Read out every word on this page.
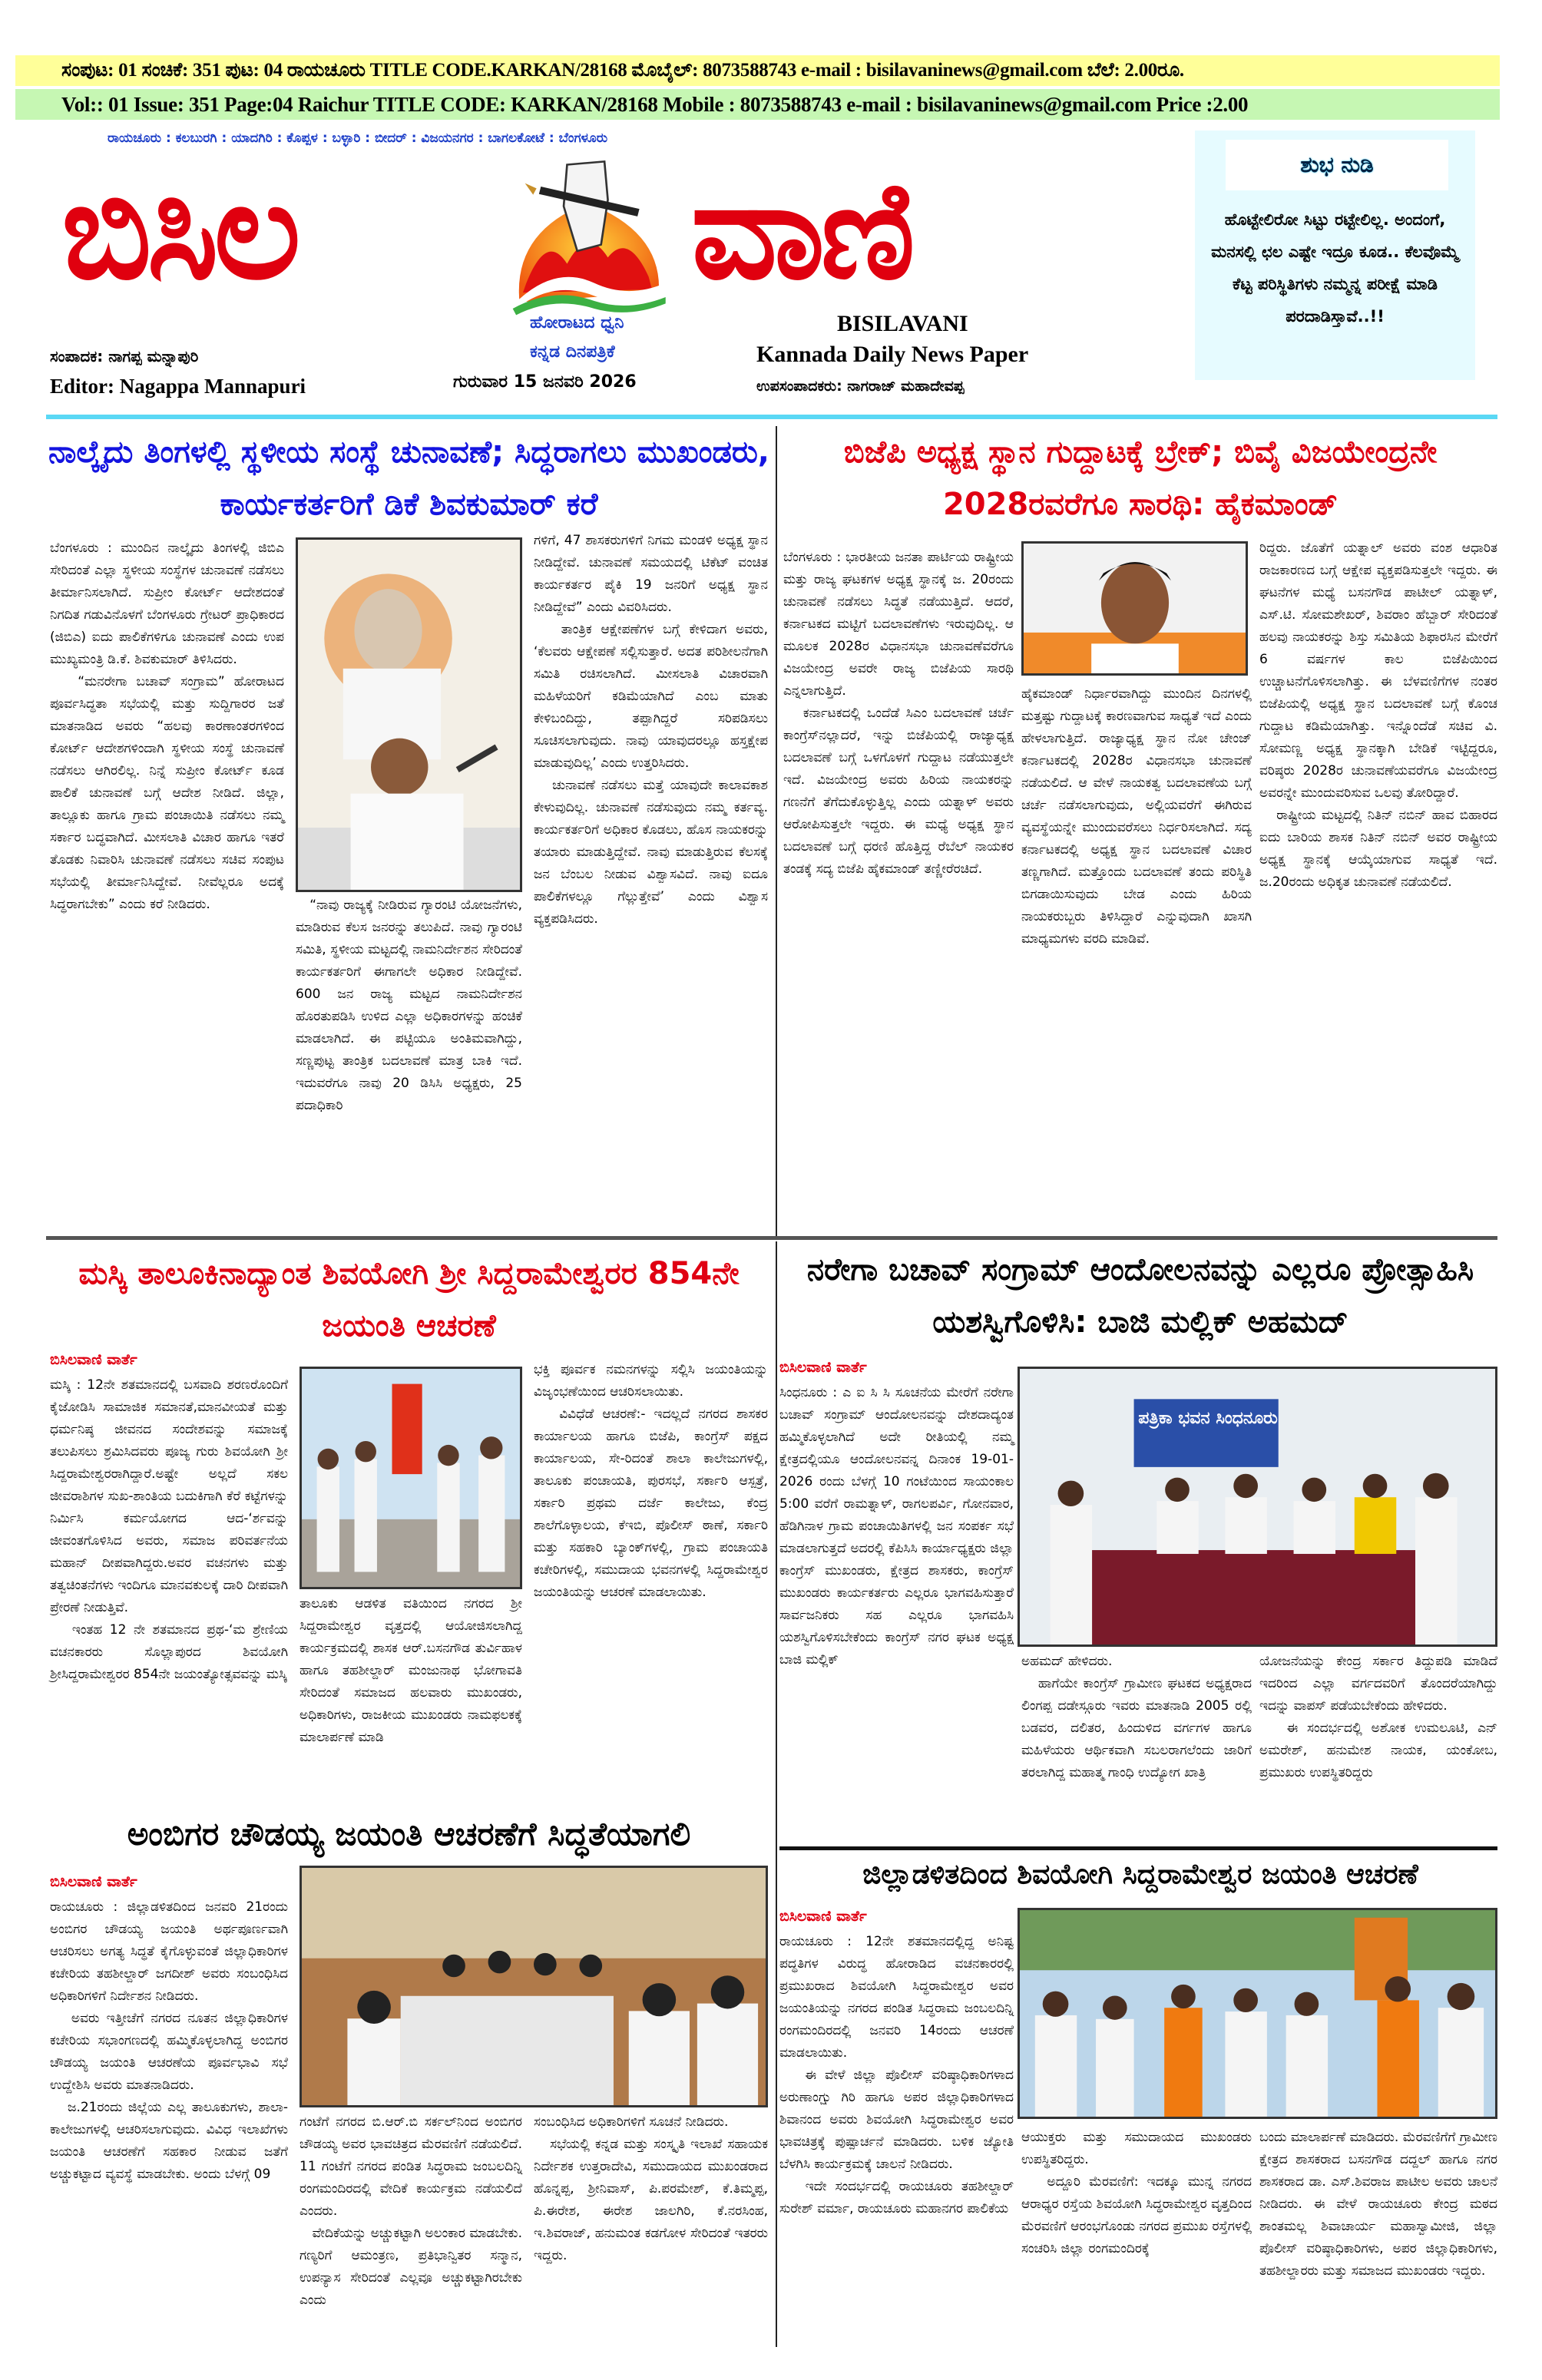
ಸಂಪುಟ: 01 ಸಂಚಿಕೆ: 351 ಪುಟ: 04 ರಾಯಚೂರು TITLE CODE.KARKAN/28168 ಮೊಬೈಲ್: 8073588743 e-mail : bisilavaninews@gmail.com ಬೆಲೆ: 2.00ರೂ.
Vol:: 01 Issue: 351 Page:04 Raichur TITLE CODE: KARKAN/28168 Mobile : 8073588743 e-mail : bisilavaninews@gmail.com Price :2.00
ರಾಯಚೂರು : ಕಲಬುರಗಿ : ಯಾದಗಿರಿ : ಕೊಪ್ಪಳ : ಬಳ್ಳಾರಿ : ಬೀದರ್ : ವಿಜಯನಗರ : ಬಾಗಲಕೋಟೆ : ಬೆಂಗಳೂರು
ಬಿಸಿಲ	ವಾಣಿ
ಹೋರಾಟದ ಧ್ವನಿ
ಕನ್ನಡ ದಿನಪತ್ರಿಕೆ
ಗುರುವಾರ 15 ಜನವರಿ 2026
BISILAVANI
Kannada Daily News Paper
ಉಪಸಂಪಾದಕರು: ನಾಗರಾಜ್ ಮಹಾದೇವಪ್ಪ
ಸಂಪಾದಕ: ನಾಗಪ್ಪ ಮನ್ನಾಪುರಿ
Editor: Nagappa Mannapuri
ಶುಭ ನುಡಿ
ಹೊಟ್ಟೇಲಿರೋ ಸಿಟ್ಟು ರಟ್ಟೇಲಿಲ್ಲ. ಅಂದಂಗೆ, ಮನಸಲ್ಲಿ ಛಲ ಎಷ್ಟೇ ಇದ್ರೂ ಕೂಡ.. ಕೆಲವೊಮ್ಮೆ ಕೆಟ್ಟ ಪರಿಸ್ಥಿತಿಗಳು ನಮ್ಮನ್ನ ಪರೀಕ್ಷೆ ಮಾಡಿ ಪರದಾಡಿಸ್ತಾವೆ..!!
ನಾಲ್ಕೈದು ತಿಂಗಳಲ್ಲಿ ಸ್ಥಳೀಯ ಸಂಸ್ಥೆ ಚುನಾವಣೆ; ಸಿದ್ಧರಾಗಲು ಮುಖಂಡರು, ಕಾರ್ಯಕರ್ತರಿಗೆ ಡಿಕೆ ಶಿವಕುಮಾರ್ ಕರೆ
ಬೆಂಗಳೂರು : ಮುಂದಿನ ನಾಲ್ಕೈದು ತಿಂಗಳಲ್ಲಿ ಜಿಬಿಎ ಸೇರಿದಂತೆ ಎಲ್ಲಾ ಸ್ಥಳೀಯ ಸಂಸ್ಥೆಗಳ ಚುನಾವಣೆ ನಡೆಸಲು ತೀರ್ಮಾನಿಸಲಾಗಿದೆ. ಸುಪ್ರೀಂ ಕೋರ್ಟ್ ಆದೇಶದಂತೆ ನಿಗದಿತ ಗಡುವಿನೊಳಗೆ ಬೆಂಗಳೂರು ಗ್ರೇಟರ್ ಪ್ರಾಧಿಕಾರದ (ಜಿಬಿಎ) ಐದು ಪಾಲಿಕೆಗಳಿಗೂ ಚುನಾವಣೆ ಎಂದು ಉಪ ಮುಖ್ಯಮಂತ್ರಿ ಡಿ.ಕೆ. ಶಿವಕುಮಾರ್ ತಿಳಿಸಿದರು.
“ಮನರೇಗಾ ಬಚಾವ್ ಸಂಗ್ರಾಮ” ಹೋರಾಟದ ಪೂರ್ವಸಿದ್ಧತಾ ಸಭೆಯಲ್ಲಿ ಮತ್ತು ಸುದ್ದಿಗಾರರ ಜತೆ ಮಾತನಾಡಿದ ಅವರು “ಹಲವು ಕಾರಣಾಂತರಗಳಿಂದ ಕೋರ್ಟ್ ಆದೇಶಗಳಿಂದಾಗಿ ಸ್ಥಳೀಯ ಸಂಸ್ಥೆ ಚುನಾವಣೆ ನಡೆಸಲು ಆಗಿರಲಿಲ್ಲ. ನಿನ್ನೆ ಸುಪ್ರೀಂ ಕೋರ್ಟ್ ಕೂಡ ಪಾಲಿಕೆ ಚುನಾವಣೆ ಬಗ್ಗೆ ಆದೇಶ ನೀಡಿದೆ. ಜಿಲ್ಲಾ, ತಾಲ್ಲೂಕು ಹಾಗೂ ಗ್ರಾಮ ಪಂಚಾಯಿತಿ ನಡೆಸಲು ನಮ್ಮ ಸರ್ಕಾರ ಬದ್ಧವಾಗಿದೆ. ಮೀಸಲಾತಿ ವಿಚಾರ ಹಾಗೂ ಇತರೆ ತೊಡಕು ನಿವಾರಿಸಿ ಚುನಾವಣೆ ನಡೆಸಲು ಸಚಿವ ಸಂಪುಟ ಸಭೆಯಲ್ಲಿ ತೀರ್ಮಾನಿಸಿದ್ದೇವೆ. ನೀವೆಲ್ಲರೂ ಅದಕ್ಕೆ ಸಿದ್ಧರಾಗಬೇಕು” ಎಂದು ಕರೆ ನೀಡಿದರು.	“ನಾವು ರಾಜ್ಯಕ್ಕೆ ನೀಡಿರುವ ಗ್ಯಾರಂಟಿ ಯೋಜನೆಗಳು, ಮಾಡಿರುವ ಕೆಲಸ ಜನರನ್ನು ತಲುಪಿದೆ. ನಾವು ಗ್ಯಾರಂಟಿ ಸಮಿತಿ, ಸ್ಥಳೀಯ ಮಟ್ಟದಲ್ಲಿ ನಾಮನಿರ್ದೇಶನ ಸೇರಿದಂತೆ ಕಾರ್ಯಕರ್ತರಿಗೆ ಈಗಾಗಲೇ ಅಧಿಕಾರ ನೀಡಿದ್ದೇವೆ. 600 ಜನ ರಾಜ್ಯ ಮಟ್ಟದ ನಾಮನಿರ್ದೇಶನ ಹೊರತುಪಡಿಸಿ ಉಳಿದ ಎಲ್ಲಾ ಅಧಿಕಾರಗಳನ್ನು ಹಂಚಿಕೆ ಮಾಡಲಾಗಿದೆ. ಈ ಪಟ್ಟಿಯೂ ಅಂತಿಮವಾಗಿದ್ದು, ಸಣ್ಣಪುಟ್ಟ ತಾಂತ್ರಿಕ ಬದಲಾವಣೆ ಮಾತ್ರ ಬಾಕಿ ಇದೆ. ಇದುವರೆಗೂ ನಾವು 20 ಡಿಸಿಸಿ ಅಧ್ಯಕ್ಷರು, 25 ಪದಾಧಿಕಾರಿ
ಗಳಿಗೆ, 47 ಶಾಸಕರುಗಳಿಗೆ ನಿಗಮ ಮಂಡಳಿ ಅಧ್ಯಕ್ಷ ಸ್ಥಾನ ನೀಡಿದ್ದೇವೆ. ಚುನಾವಣೆ ಸಮಯದಲ್ಲಿ ಟಿಕೆಟ್ ವಂಚಿತ ಕಾರ್ಯಕರ್ತರ ಪೈಕಿ 19 ಜನರಿಗೆ ಅಧ್ಯಕ್ಷ ಸ್ಥಾನ ನೀಡಿದ್ದೇವೆ” ಎಂದು ವಿವರಿಸಿದರು.
ತಾಂತ್ರಿಕ ಆಕ್ಷೇಪಣೆಗಳ ಬಗ್ಗೆ ಕೇಳಿದಾಗ ಅವರು, ‘ಕೆಲವರು ಆಕ್ಷೇಪಣೆ ಸಲ್ಲಿಸುತ್ತಾರೆ. ಅದತ ಪರಿಶೀಲನೆಗಾಗಿ ಸಮಿತಿ ರಚಿಸಲಾಗಿದೆ. ಮೀಸಲಾತಿ ವಿಚಾರವಾಗಿ ಮಹಿಳೆಯರಿಗೆ ಕಡಿಮೆಯಾಗಿದೆ ಎಂಬ ಮಾತು ಕೇಳಿಬಂದಿದ್ದು, ತಪ್ಪಾಗಿದ್ದರೆ ಸರಿಪಡಿಸಲು ಸೂಚಿಸಲಾಗುವುದು. ನಾವು ಯಾವುದರಲ್ಲೂ ಹಸ್ತಕ್ಷೇಪ ಮಾಡುವುದಿಲ್ಲ’ ಎಂದು ಉತ್ತರಿಸಿದರು.
ಚುನಾವಣೆ ನಡೆಸಲು ಮತ್ತೆ ಯಾವುದೇ ಕಾಲಾವಕಾಶ ಕೇಳುವುದಿಲ್ಲ. ಚುನಾವಣೆ ನಡೆಸುವುದು ನಮ್ಮ ಕರ್ತವ್ಯ. ಕಾರ್ಯಕರ್ತರಿಗೆ ಅಧಿಕಾರ ಕೊಡಲು, ಹೊಸ ನಾಯಕರನ್ನು ತಯಾರು ಮಾಡುತ್ತಿದ್ದೇವೆ. ನಾವು ಮಾಡುತ್ತಿರುವ ಕೆಲಸಕ್ಕೆ ಜನ ಬೆಂಬಲ ನೀಡುವ ವಿಶ್ವಾಸವಿದೆ. ನಾವು ಐದೂ ಪಾಲಿಕೆಗಳಲ್ಲೂ ಗೆಲ್ಲುತ್ತೇವೆ’ ಎಂದು ವಿಶ್ವಾಸ ವ್ಯಕ್ತಪಡಿಸಿದರು.
ಬಿಜೆಪಿ ಅಧ್ಯಕ್ಷ ಸ್ಥಾನ ಗುದ್ದಾಟಕ್ಕೆ ಬ್ರೇಕ್; ಬಿವೈ ವಿಜಯೇಂದ್ರನೇ 2028ರವರೆಗೂ ಸಾರಥಿ: ಹೈಕಮಾಂಡ್
ಬೆಂಗಳೂರು : ಭಾರತೀಯ ಜನತಾ ಪಾರ್ಟಿಯ ರಾಷ್ಟ್ರೀಯ ಮತ್ತು ರಾಜ್ಯ ಘಟಕಗಳ ಅಧ್ಯಕ್ಷ ಸ್ಥಾನಕ್ಕೆ ಜ. 20ರಂದು ಚುನಾವಣೆ ನಡೆಸಲು ಸಿದ್ಧತೆ ನಡೆಯುತ್ತಿದೆ. ಆದರೆ, ಕರ್ನಾಟಕದ ಮಟ್ಟಿಗೆ ಬದಲಾವಣೆಗಳು ಇರುವುದಿಲ್ಲ. ಆ ಮೂಲಕ 2028ರ ವಿಧಾನಸಭಾ ಚುನಾವಣೆವರೆಗೂ ವಿಜಯೇಂದ್ರ ಅವರೇ ರಾಜ್ಯ ಬಿಜೆಪಿಯ ಸಾರಥಿ ಎನ್ನಲಾಗುತ್ತಿದೆ.
ಕರ್ನಾಟಕದಲ್ಲಿ ಒಂದೆಡೆ ಸಿಎಂ ಬದಲಾವಣೆ ಚರ್ಚೆ ಕಾಂಗ್ರೆಸ್‌ನಲ್ಲಾದರೆ, ಇನ್ನು ಬಿಜೆಪಿಯಲ್ಲಿ ರಾಜ್ಯಾಧ್ಯಕ್ಷ ಬದಲಾವಣೆ ಬಗ್ಗೆ ಒಳಗೊಳಗೆ ಗುದ್ದಾಟ ನಡೆಯುತ್ತಲೇ ಇದೆ. ವಿಜಯೇಂದ್ರ ಅವರು ಹಿರಿಯ ನಾಯಕರನ್ನು ಗಣನೆಗೆ ತೆಗೆದುಕೊಳ್ಳುತ್ತಿಲ್ಲ ಎಂದು ಯತ್ನಾಳ್ ಅವರು ಆರೋಪಿಸುತ್ತಲೇ ಇದ್ದರು. ಈ ಮಧ್ಯೆ ಅಧ್ಯಕ್ಷ ಸ್ಥಾನ ಬದಲಾವಣೆ ಬಗ್ಗೆ ಧರಣಿ ಹೊತ್ತಿದ್ದ ರೆಬೆಲ್ ನಾಯಕರ ತಂಡಕ್ಕೆ ಸದ್ಯ ಬಿಜೆಪಿ ಹೈಕಮಾಂಡ್ ತಣ್ಣೀರೆರಚಿದೆ.
ಹೈಕಮಾಂಡ್ ನಿರ್ಧಾರವಾಗಿದ್ದು ಮುಂದಿನ ದಿನಗಳಲ್ಲಿ ಮತ್ತಷ್ಟು ಗುದ್ದಾಟಕ್ಕೆ ಕಾರಣವಾಗುವ ಸಾಧ್ಯತೆ ಇದೆ ಎಂದು ಹೇಳಲಾಗುತ್ತಿದೆ. ರಾಜ್ಯಾಧ್ಯಕ್ಷ ಸ್ಥಾನ ನೋ ಚೇಂಜ್ ಕರ್ನಾಟಕದಲ್ಲಿ 2028ರ ವಿಧಾನಸಭಾ ಚುನಾವಣೆ ನಡೆಯಲಿದೆ. ಆ ವೇಳೆ ನಾಯಕತ್ವ ಬದಲಾವಣೆಯ ಬಗ್ಗೆ ಚರ್ಚೆ ನಡೆಸಲಾಗುವುದು, ಅಲ್ಲಿಯವರೆಗೆ ಈಗಿರುವ ವ್ಯವಸ್ಥೆಯನ್ನೇ ಮುಂದುವರೆಸಲು ನಿರ್ಧರಿಸಲಾಗಿದೆ. ಸದ್ಯ ಕರ್ನಾಟಕದಲ್ಲಿ ಅಧ್ಯಕ್ಷ ಸ್ಥಾನ ಬದಲಾವಣೆ ವಿಚಾರ ತಣ್ಣಗಾಗಿದೆ. ಮತ್ತೊಂದು ಬದಲಾವಣೆ ತಂದು ಪರಿಸ್ಥಿತಿ ಬಿಗಡಾಯಿಸುವುದು ಬೇಡ ಎಂದು ಹಿರಿಯ ನಾಯಕರುಬ್ಬರು ತಿಳಿಸಿದ್ದಾರೆ ಎನ್ನುವುದಾಗಿ ಖಾಸಗಿ ಮಾಧ್ಯಮಗಳು ವರದಿ ಮಾಡಿವೆ.
ರಿದ್ದರು. ಜೊತೆಗೆ ಯತ್ನಾಲ್ ಅವರು ವಂಶ ಆಧಾರಿತ ರಾಜಕಾರಣದ ಬಗ್ಗೆ ಆಕ್ಷೇಪ ವ್ಯಕ್ತಪಡಿಸುತ್ತಲೇ ಇದ್ದರು. ಈ ಘಟನೆಗಳ ಮಧ್ಯೆ ಬಸನಗೌಡ ಪಾಟೀಲ್ ಯತ್ನಾಳ್, ಎಸ್.ಟಿ. ಸೋಮಶೇಖರ್, ಶಿವರಾಂ ಹೆಬ್ಬಾರ್ ಸೇರಿದಂತೆ ಹಲವು ನಾಯಕರನ್ನು ಶಿಸ್ತು ಸಮಿತಿಯ ಶಿಫಾರಸಿನ ಮೇರೆಗೆ 6 ವರ್ಷಗಳ ಕಾಲ ಬಿಜೆಪಿಯಿಂದ ಉಚ್ಚಾಟನೆಗೊಳಿಸಲಾಗಿತ್ತು. ಈ ಬೆಳವಣಿಗೆಗಳ ನಂತರ ಬಿಜೆಪಿಯಲ್ಲಿ ಅಧ್ಯಕ್ಷ ಸ್ಥಾನ ಬದಲಾವಣೆ ಬಗ್ಗೆ ಕೊಂಚ ಗುದ್ದಾಟ ಕಡಿಮೆಯಾಗಿತ್ತು. ಇನ್ನೊಂದೆಡೆ ಸಚಿವ ವಿ. ಸೋಮಣ್ಣ ಅಧ್ಯಕ್ಷ ಸ್ಥಾನಕ್ಕಾಗಿ ಬೇಡಿಕೆ ಇಟ್ಟಿದ್ದರೂ, ವರಿಷ್ಠರು 2028ರ ಚುನಾವಣೆಯವರೆಗೂ ವಿಜಯೇಂದ್ರ ಅವರನ್ನೇ ಮುಂದುವರಿಸುವ ಒಲವು ತೋರಿದ್ದಾರೆ.
ರಾಷ್ಟ್ರೀಯ ಮಟ್ಟದಲ್ಲಿ ನಿತಿನ್ ನಬಿನ್ ಹಾವ ಬಿಹಾರದ ಐದು ಬಾರಿಯ ಶಾಸಕ ನಿತಿನ್ ನಬಿನ್ ಅವರ ರಾಷ್ಟ್ರೀಯ ಅಧ್ಯಕ್ಷ ಸ್ಥಾನಕ್ಕೆ ಆಯ್ಕೆಯಾಗುವ ಸಾಧ್ಯತೆ ಇದೆ. ಜ.20ರಂದು ಅಧಿಕೃತ ಚುನಾವಣೆ ನಡೆಯಲಿದೆ.
ಮಸ್ಕಿ ತಾಲೂಕಿನಾದ್ಯಾಂತ ಶಿವಯೋಗಿ ಶ್ರೀ ಸಿದ್ದರಾಮೇಶ್ವರರ 854ನೇ ಜಯಂತಿ ಆಚರಣೆ
ಬಿಸಿಲವಾಣಿ ವಾರ್ತೆ
ಮಸ್ಕಿ : 12ನೇ ಶತಮಾನದಲ್ಲಿ ಬಸವಾದಿ ಶರಣರೊಂದಿಗೆ ಕೈಜೋಡಿಸಿ ಸಾಮಾಜಿಕ ಸಮಾನತೆ,ಮಾನವೀಯತೆ ಮತ್ತು ಧರ್ಮನಿಷ್ಠ ಜೀವನದ ಸಂದೇಶವನ್ನು ಸಮಾಜಕ್ಕೆ ತಲುಪಿಸಲು ಶ್ರಮಿಸಿದವರು ಪೂಜ್ಯ ಗುರು ಶಿವಯೋಗಿ ಶ್ರೀ ಸಿದ್ದರಾಮೇಶ್ವರರಾಗಿದ್ದಾರೆ.ಅಷ್ಟೇ ಅಲ್ಲದೆ ಸಕಲ ಜೀವರಾಶಿಗಳ ಸುಖ-ಶಾಂತಿಯ ಬದುಕಿಗಾಗಿ ಕೆರೆ ಕಟ್ಟೆಗಳನ್ನು ನಿರ್ಮಿಸಿ ಕರ್ಮಯೋಗದ ಆದ-‘ರ್ಶವನ್ನು ಜೀವಂತಗೊಳಿಸಿದ ಅವರು, ಸಮಾಜ ಪರಿವರ್ತನೆಯ ಮಹಾನ್ ದೀಪವಾಗಿದ್ದರು.ಅವರ ವಚನಗಳು ಮತ್ತು ತತ್ವಚಿಂತನೆಗಳು ಇಂದಿಗೂ ಮಾನವಕುಲಕ್ಕೆ ದಾರಿ ದೀಪವಾಗಿ ಪ್ರೇರಣೆ ನೀಡುತ್ತಿವೆ.
ಇಂತಹ 12 ನೇ ಶತಮಾನದ ಪ್ರಥ-‘ಮ ಶ್ರೇಣಿಯ ವಚನಕಾರರು ಸೊಲ್ಲಾಪುರದ ಶಿವಯೋಗಿ ಶ್ರೀಸಿದ್ದರಾಮೇಶ್ವರರ 854ನೇ ಜಯಂತ್ಯೋತ್ಸವವನ್ನು ಮಸ್ಕಿ
ತಾಲೂಕು ಆಡಳಿತ ವತಿಯಿಂದ ನಗರದ ಶ್ರೀ ಸಿದ್ದರಾಮೇಶ್ವರ ವೃತ್ತದಲ್ಲಿ ಆಯೋಜಿಸಲಾಗಿದ್ದ ಕಾರ್ಯಕ್ರಮದಲ್ಲಿ ಶಾಸಕ ಆರ್.ಬಸನಗೌಡ ತುರ್ವಿಹಾಳ ಹಾಗೂ ತಹಶೀಲ್ದಾರ್ ಮಂಜುನಾಥ ಭೋಗಾವತಿ ಸೇರಿದಂತೆ ಸಮಾಜದ ಹಲವಾರು ಮುಖಂಡರು, ಅಧಿಕಾರಿಗಳು, ರಾಜಕೀಯ ಮುಖಂಡರು ನಾಮಫಲಕಕ್ಕೆ ಮಾಲಾರ್ಪಣೆ ಮಾಡಿ
ಭಕ್ತಿ ಪೂರ್ವಕ ನಮನಗಳನ್ನು ಸಲ್ಲಿಸಿ ಜಯಂತಿಯನ್ನು ವಿಜೃಂಭಣೆಯಿಂದ ಆಚರಿಸಲಾಯಿತು.
ವಿವಿಧೆಡೆ ಆಚರಣೆ:- ಇದಲ್ಲದೆ ನಗರದ ಶಾಸಕರ ಕಾರ್ಯಾಲಯ ಹಾಗೂ ಬಿಜೆಪಿ, ಕಾಂಗ್ರೆಸ್ ಪಕ್ಷದ ಕಾರ್ಯಾಲಯ, ಸೇ-ರಿದಂತೆ ಶಾಲಾ ಕಾಲೇಜುಗಳಲ್ಲಿ, ತಾಲೂಕು ಪಂಚಾಯತಿ, ಪುರಸಭೆ, ಸರ್ಕಾರಿ ಆಸ್ಪತ್ರೆ, ಸರ್ಕಾರಿ ಪ್ರಥಮ ದರ್ಜೆ ಕಾಲೇಜು, ಕೆಂದ್ರ ಶಾಲೆಗೊಳ್ಳಾಲಯ, ಕೆಇಬಿ, ಪೊಲೀಸ್ ಠಾಣೆ, ಸರ್ಕಾರಿ ಮತ್ತು ಸಹಕಾರಿ ಬ್ಯಾಂಕ್‌ಗಳಲ್ಲಿ, ಗ್ರಾಮ ಪಂಚಾಯತಿ ಕಚೇರಿಗಳಲ್ಲಿ, ಸಮುದಾಯ ಭವನಗಳಲ್ಲಿ ಸಿದ್ದರಾಮೇಶ್ವರ ಜಯಂತಿಯನ್ನು ಆಚರಣೆ ಮಾಡಲಾಯಿತು.
ನರೇಗಾ ಬಚಾವ್ ಸಂಗ್ರಾಮ್ ಆಂದೋಲನವನ್ನು ಎಲ್ಲರೂ ಪ್ರೋತ್ಸಾಹಿಸಿ ಯಶಸ್ವಿಗೊಳಿಸಿ: ಬಾಜಿ ಮಲ್ಲಿಕ್ ಅಹಮದ್
ಬಿಸಿಲವಾಣಿ ವಾರ್ತೆ
ಸಿಂಧನೂರು : ಎ ಐ ಸಿ ಸಿ ಸೂಚನೆಯ ಮೇರೆಗೆ ನರೇಗಾ ಬಚಾವ್ ಸಂಗ್ರಾಮ್ ಆಂದೋಲನವನ್ನು ದೇಶದಾದ್ಯಂತ ಹಮ್ಮಿಕೊಳ್ಳಲಾಗಿದೆ ಅದೇ ರೀತಿಯಲ್ಲಿ ನಮ್ಮ ಕ್ಷೇತ್ರದಲ್ಲಿಯೂ ಆಂದೋಲನವನ್ನ ದಿನಾಂಕ 19-01-2026 ರಂದು ಬೆಳಗ್ಗೆ 10 ಗಂಟೆಯಿಂದ ಸಾಯಂಕಾಲ 5:00 ವರೆಗೆ ರಾಮತ್ನಾಳ್, ರಾಗಲಪರ್ವಿ, ಗೋನವಾರ, ಹೆಡಿಗಿನಾಳ ಗ್ರಾಮ ಪಂಚಾಯಿತಿಗಳಲ್ಲಿ ಜನ ಸಂಪರ್ಕ ಸಭೆ ಮಾಡಲಾಗುತ್ತದೆ ಅದರಲ್ಲಿ ಕೆಪಿಸಿಸಿ ಕಾರ್ಯಾಧ್ಯಕ್ಷರು ಜಿಲ್ಲಾ ಕಾಂಗ್ರೆಸ್ ಮುಖಂಡರು, ಕ್ಷೇತ್ರದ ಶಾಸಕರು, ಕಾಂಗ್ರೆಸ್ ಮುಖಂಡರು ಕಾರ್ಯಕರ್ತರು ಎಲ್ಲರೂ ಭಾಗವಹಿಸುತ್ತಾರೆ ಸಾರ್ವಜನಿಕರು ಸಹ ಎಲ್ಲರೂ ಭಾಗವಹಿಸಿ ಯಶಸ್ವಿಗೊಳಿಸಬೇಕೆಂದು ಕಾಂಗ್ರೆಸ್ ನಗರ ಘಟಕ ಅಧ್ಯಕ್ಷ ಬಾಜಿ ಮಲ್ಲಿಕ್
ಪತ್ರಿಕಾ ಭವನ ಸಿಂಧನೂರು
ಅಹಮದ್ ಹೇಳಿದರು.
ಹಾಗೆಯೇ ಕಾಂಗ್ರೆಸ್ ಗ್ರಾಮೀಣ ಘಟಕದ ಅಧ್ಯಕ್ಷರಾದ ಲಿಂಗಪ್ಪ ದಡೇಸ್ಗೂರು ಇವರು ಮಾತನಾಡಿ 2005 ರಲ್ಲಿ ಬಡವರ, ದಲಿತರ, ಹಿಂದುಳಿದ ವರ್ಗಗಳ ಹಾಗೂ ಮಹಿಳೆಯರು ಆರ್ಥಿಕವಾಗಿ ಸಬಲರಾಗಲೆಂದು ಜಾರಿಗೆ ತರಲಾಗಿದ್ದ ಮಹಾತ್ಮ ಗಾಂಧಿ ಉದ್ಯೋಗ ಖಾತ್ರಿ
ಯೋಜನೆಯನ್ನು ಕೇಂದ್ರ ಸರ್ಕಾರ ತಿದ್ದುಪಡಿ ಮಾಡಿದೆ ಇದರಿಂದ ಎಲ್ಲಾ ವರ್ಗದವರಿಗೆ ತೊಂದರೆಯಾಗಿದ್ದು ಇದನ್ನು ವಾಪಸ್ ಪಡೆಯಬೇಕೆಂದು ಹೇಳಿದರು.
ಈ ಸಂದರ್ಭದಲ್ಲಿ ಅಶೋಕ ಉಮಲೂಟಿ, ಎನ್ ಅಮರೇಶ್, ಹನುಮೇಶ ನಾಯಕ, ಯಂಕೋಬ, ಪ್ರಮುಖರು ಉಪಸ್ಥಿತರಿದ್ದರು
ಅಂಬಿಗರ ಚೌಡಯ್ಯ ಜಯಂತಿ ಆಚರಣೆಗೆ ಸಿದ್ಧತೆಯಾಗಲಿ
ಬಿಸಿಲವಾಣಿ ವಾರ್ತೆ
ರಾಯಚೂರು : ಜಿಲ್ಲಾಡಳಿತದಿಂದ ಜನವರಿ 21ರಂದು ಅಂಬಿಗರ ಚೌಡಯ್ಯ ಜಯಂತಿ ಅರ್ಥಪೂರ್ಣವಾಗಿ ಆಚರಿಸಲು ಅಗತ್ಯ ಸಿದ್ಧತೆ ಕೈಗೊಳ್ಳುವಂತೆ ಜಿಲ್ಲಾಧಿಕಾರಿಗಳ ಕಚೇರಿಯ ತಹಶೀಲ್ದಾರ್ ಜಗದೀಶ್ ಅವರು ಸಂಬಂಧಿಸಿದ ಅಧಿಕಾರಿಗಳಿಗೆ ನಿರ್ದೇಶನ ನೀಡಿದರು.
ಅವರು ಇತ್ತೀಚೆಗೆ ನಗರದ ನೂತನ ಜಿಲ್ಲಾಧಿಕಾರಿಗಳ ಕಚೇರಿಯ ಸಭಾಂಗಣದಲ್ಲಿ ಹಮ್ಮಿಕೊಳ್ಳಲಾಗಿದ್ದ ಅಂಬಿಗರ ಚೌಡಯ್ಯ ಜಯಂತಿ ಆಚರಣೆಯ ಪೂರ್ವಭಾವಿ ಸಭೆ ಉದ್ದೇಶಿಸಿ ಅವರು ಮಾತನಾಡಿದರು.
ಜ.21ರಂದು ಜಿಲ್ಲೆಯ ಎಲ್ಲ ತಾಲೂಕುಗಳು, ಶಾಲಾ-ಕಾಲೇಜುಗಳಲ್ಲಿ ಆಚರಿಸಲಾಗುವುದು. ವಿವಿಧ ಇಲಾಖೆಗಳು ಜಯಂತಿ ಆಚರಣೆಗೆ ಸಹಕಾರ ನೀಡುವ ಜತೆಗೆ ಅಚ್ಚುಕಟ್ಟಾದ ವ್ಯವಸ್ಥೆ ಮಾಡಬೇಕು. ಅಂದು ಬೆಳಗ್ಗೆ 09
ಗಂಟೆಗೆ ನಗರದ ಬಿ.ಆರ್.ಬಿ ಸರ್ಕಲ್‌ನಿಂದ ಅಂಬಿಗರ ಚೌಡಯ್ಯ ಅವರ ಭಾವಚಿತ್ರದ ಮೆರವಣಿಗೆ ನಡೆಯಲಿದೆ. 11 ಗಂಟೆಗೆ ನಗರದ ಪಂಡಿತ ಸಿದ್ಧರಾಮ ಜಂಬಲದಿನ್ನಿ ರಂಗಮಂದಿರದಲ್ಲಿ ವೇದಿಕೆ ಕಾರ್ಯಕ್ರಮ ನಡೆಯಲಿದೆ ಎಂದರು.
ವೇದಿಕೆಯನ್ನು ಅಚ್ಚುಕಟ್ಟಾಗಿ ಅಲಂಕಾರ ಮಾಡಬೇಕು. ಗಣ್ಯರಿಗೆ ಆಮಂತ್ರಣ, ಪ್ರತಿಭಾನ್ವಿತರ ಸನ್ಮಾನ, ಉಪನ್ಯಾಸ ಸೇರಿದಂತೆ ಎಲ್ಲವೂ ಅಚ್ಚುಕಟ್ಟಾಗಿರಬೇಕು ಎಂದು
ಸಂಬಂಧಿಸಿದ ಅಧಿಕಾರಿಗಳಿಗೆ ಸೂಚನೆ ನೀಡಿದರು.
ಸಭೆಯಲ್ಲಿ ಕನ್ನಡ ಮತ್ತು ಸಂಸ್ಕೃತಿ ಇಲಾಖೆ ಸಹಾಯಕ ನಿರ್ದೇಶಕ ಉತ್ತರಾದೇವಿ, ಸಮುದಾಯದ ಮುಖಂಡರಾದ ಹೊನ್ನಪ್ಪ, ಶ್ರೀನಿವಾಸ್, ಪಿ.ಪರಮೇಶ್, ಕೆ.ತಿಮ್ಮಪ್ಪ, ಪಿ.ಈರೇಶ, ಈರೇಶ ಜಾಲಗಿರಿ, ಕೆ.ನರಸಿಂಹ, ಇ.ಶಿವರಾಜ್, ಹನುಮಂತ ಕಡಗೋಳ ಸೇರಿದಂತೆ ಇತರರು ಇದ್ದರು.
ಜಿಲ್ಲಾಡಳಿತದಿಂದ ಶಿವಯೋಗಿ ಸಿದ್ದರಾಮೇಶ್ವರ ಜಯಂತಿ ಆಚರಣೆ
ಬಿಸಿಲವಾಣಿ ವಾರ್ತೆ
ರಾಯಚೂರು : 12ನೇ ಶತಮಾನದಲ್ಲಿದ್ದ ಅನಿಷ್ಟ ಪದ್ಧತಿಗಳ ವಿರುದ್ಧ ಹೋರಾಡಿದ ವಚನಕಾರರಲ್ಲಿ ಪ್ರಮುಖರಾದ ಶಿವಯೋಗಿ ಸಿದ್ಧರಾಮೇಶ್ವರ ಅವರ ಜಯಂತಿಯನ್ನು ನಗರದ ಪಂಡಿತ ಸಿದ್ಧರಾಮ ಜಂಬಲದಿನ್ನಿ ರಂಗಮಂದಿರದಲ್ಲಿ ಜನವರಿ 14ರಂದು ಆಚರಣೆ ಮಾಡಲಾಯಿತು.
ಈ ವೇಳೆ ಜಿಲ್ಲಾ ಪೊಲೀಸ್ ವರಿಷ್ಠಾಧಿಕಾರಿಗಳಾದ ಅರುಣಾಂಗ್ಷು ಗಿರಿ ಹಾಗೂ ಅಪರ ಜಿಲ್ಲಾಧಿಕಾರಿಗಳಾದ ಶಿವಾನಂದ ಅವರು ಶಿವಯೋಗಿ ಸಿದ್ಧರಾಮೇಶ್ವರ ಅವರ ಭಾವಚಿತ್ರಕ್ಕೆ ಪುಷ್ಪಾರ್ಚನೆ ಮಾಡಿದರು. ಬಳಿಕ ಜ್ಯೋತಿ ಬೆಳಗಿಸಿ ಕಾರ್ಯಕ್ರಮಕ್ಕೆ ಚಾಲನೆ ನೀಡಿದರು.
ಇದೇ ಸಂದರ್ಭದಲ್ಲಿ ರಾಯಚೂರು ತಹಶೀಲ್ದಾರ್ ಸುರೇಶ್ ವರ್ಮಾ, ರಾಯಚೂರು ಮಹಾನಗರ ಪಾಲಿಕೆಯ
ಆಯುಕ್ತರು ಮತ್ತು ಸಮುದಾಯದ ಮುಖಂಡರು ಉಪಸ್ಥಿತರಿದ್ದರು.
ಅದ್ದೂರಿ ಮೆರವಣಿಗೆ: ಇದಕ್ಕೂ ಮುನ್ನ ನಗರದ ಆರಾಧ್ಯರ ರಸ್ತೆಯ ಶಿವಯೋಗಿ ಸಿದ್ಧರಾಮೇಶ್ವರ ವೃತ್ತದಿಂದ ಮೆರವಣಿಗೆ ಆರಂಭಗೊಂಡು ನಗರದ ಪ್ರಮುಖ ರಸ್ತೆಗಳಲ್ಲಿ ಸಂಚರಿಸಿ ಜಿಲ್ಲಾ ರಂಗಮಂದಿರಕ್ಕೆ
ಬಂದು ಮಾಲಾರ್ಪಣೆ ಮಾಡಿದರು. ಮೆರವಣಿಗೆಗೆ ಗ್ರಾಮೀಣ ಕ್ಷೇತ್ರದ ಶಾಸಕರಾದ ಬಸನಗೌಡ ದದ್ದಲ್ ಹಾಗೂ ನಗರ ಶಾಸಕರಾದ ಡಾ. ಎಸ್.ಶಿವರಾಜ ಪಾಟೀಲ ಅವರು ಚಾಲನೆ ನೀಡಿದರು. ಈ ವೇಳೆ ರಾಯಚೂರು ಕೇಂದ್ರ ಮಠದ ಶಾಂತಮಲ್ಲ ಶಿವಾಚಾರ್ಯ ಮಹಾಸ್ವಾಮೀಜಿ, ಜಿಲ್ಲಾ ಪೊಲೀಸ್ ವರಿಷ್ಠಾಧಿಕಾರಿಗಳು, ಅಪರ ಜಿಲ್ಲಾಧಿಕಾರಿಗಳು, ತಹಶೀಲ್ದಾರರು ಮತ್ತು ಸಮಾಜದ ಮುಖಂಡರು ಇದ್ದರು.
